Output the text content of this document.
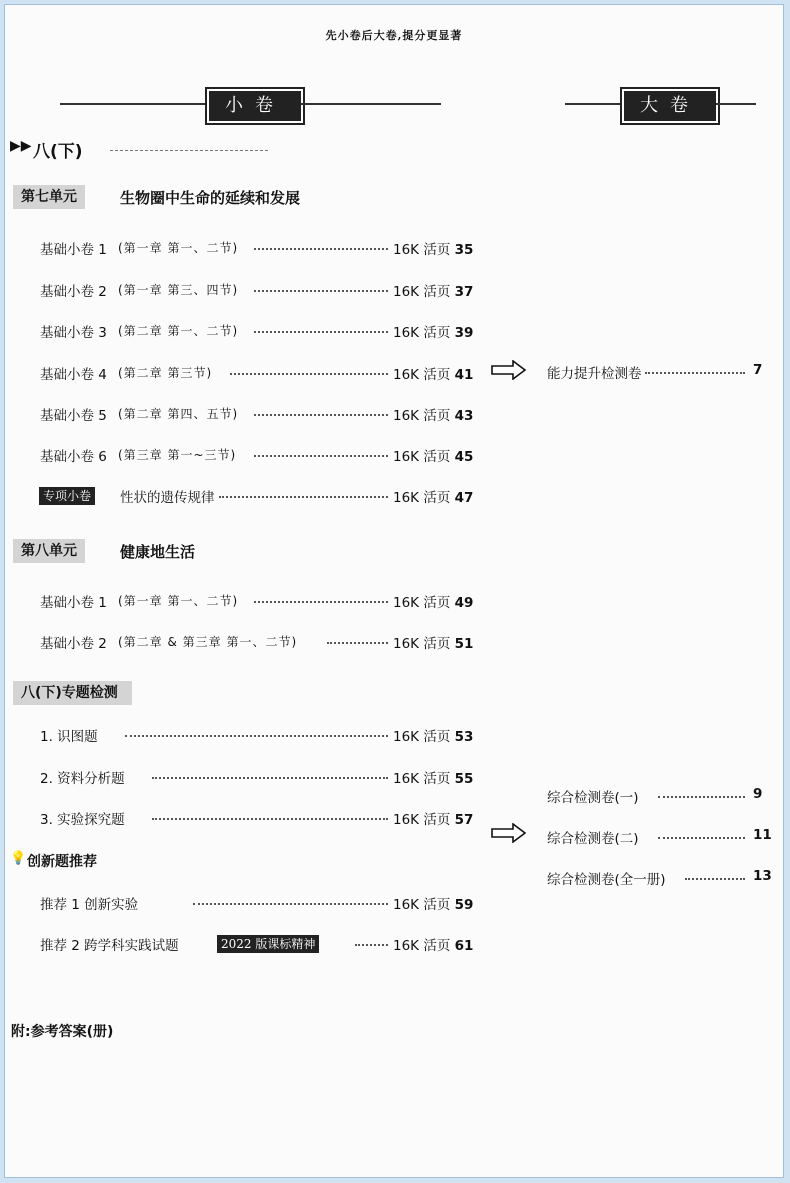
先小卷后大卷,提分更显著
小卷	大卷
▶▶ 八(下)
第七单元	生物圈中生命的延续和发展
第八单元	健康地生活
八(下)专题检测
💡 创新题推荐
附:参考答案(册)
基础小卷 1 (第一章 第一、二节)	16K 活页 35
基础小卷 2 (第一章 第三、四节)	16K 活页 37
基础小卷 3 (第二章 第一、二节)	16K 活页 39
基础小卷 4 (第二章 第三节)	16K 活页 41
基础小卷 5 (第二章 第四、五节)	16K 活页 43
基础小卷 6 (第三章 第一~三节)	16K 活页 45
专项小卷 性状的遗传规律	16K 活页 47
基础小卷 1 (第一章 第一、二节)	16K 活页 49
基础小卷 2 (第二章 & 第三章 第一、二节)	16K 活页 51
1. 识图题	16K 活页 53
2. 资料分析题	16K 活页 55
3. 实验探究题	16K 活页 57
推荐 1 创新实验	16K 活页 59
推荐 2 跨学科实践试题	2022 版课标精神	16K 活页 61
能力提升检测卷	7
综合检测卷(一)	9
综合检测卷(二)	11
综合检测卷(全一册)	13
